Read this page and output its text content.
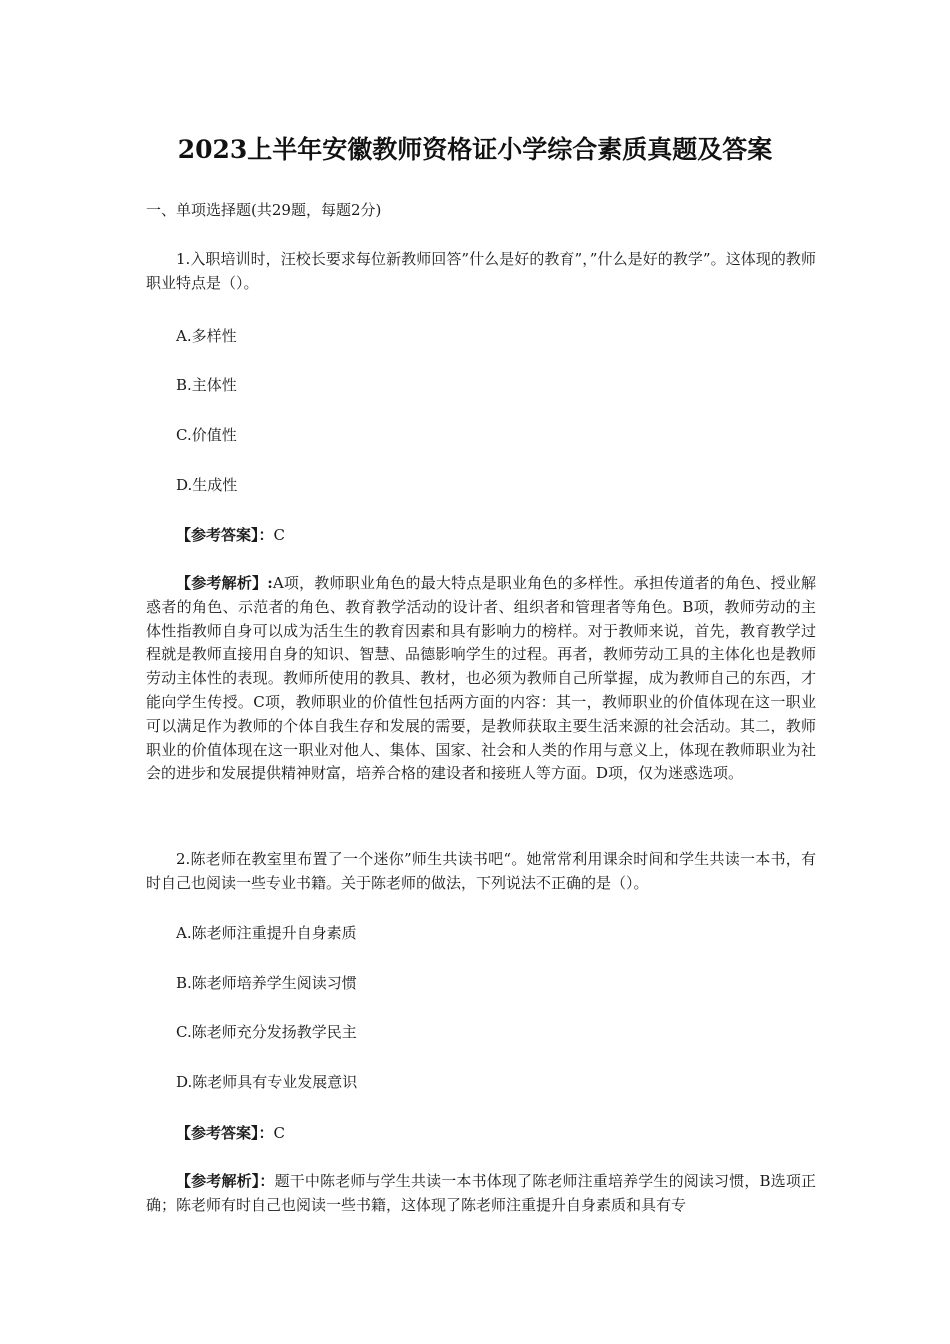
2023上半年安徽教师资格证小学综合素质真题及答案
一、单项选择题(共29题，每题2分)
1.入职培训时，汪校长要求每位新教师回答”什么是好的教育”，”什么是好的教学”。这体现的教师职业特点是（）。
A.多样性
B.主体性
C.价值性
D.生成性
【参考答案】：C
【参考解析】:A项，教师职业角色的最大特点是职业角色的多样性。承担传道者的角色、授业解惑者的角色、示范者的角色、教育教学活动的设计者、组织者和管理者等角色。B项，教师劳动的主体性指教师自身可以成为活生生的教育因素和具有影响力的榜样。对于教师来说，首先，教育教学过程就是教师直接用自身的知识、智慧、品德影响学生的过程。再者，教师劳动工具的主体化也是教师劳动主体性的表现。教师所使用的教具、教材，也必须为教师自己所掌握，成为教师自己的东西，才能向学生传授。C项，教师职业的价值性包括两方面的内容：其一，教师职业的价值体现在这一职业可以满足作为教师的个体自我生存和发展的需要，是教师获取主要生活来源的社会活动。其二，教师职业的价值体现在这一职业对他人、集体、国家、社会和人类的作用与意义上，体现在教师职业为社会的进步和发展提供精神财富，培养合格的建设者和接班人等方面。D项，仅为迷惑选项。
2.陈老师在教室里布置了一个迷你”师生共读书吧“。她常常利用课余时间和学生共读一本书，有时自己也阅读一些专业书籍。关于陈老师的做法，下列说法不正确的是（）。
A.陈老师注重提升自身素质
B.陈老师培养学生阅读习惯
C.陈老师充分发扬教学民主
D.陈老师具有专业发展意识
【参考答案】：C
【参考解析】：题干中陈老师与学生共读一本书体现了陈老师注重培养学生的阅读习惯，B选项正确；陈老师有时自己也阅读一些书籍，这体现了陈老师注重提升自身素质和具有专
